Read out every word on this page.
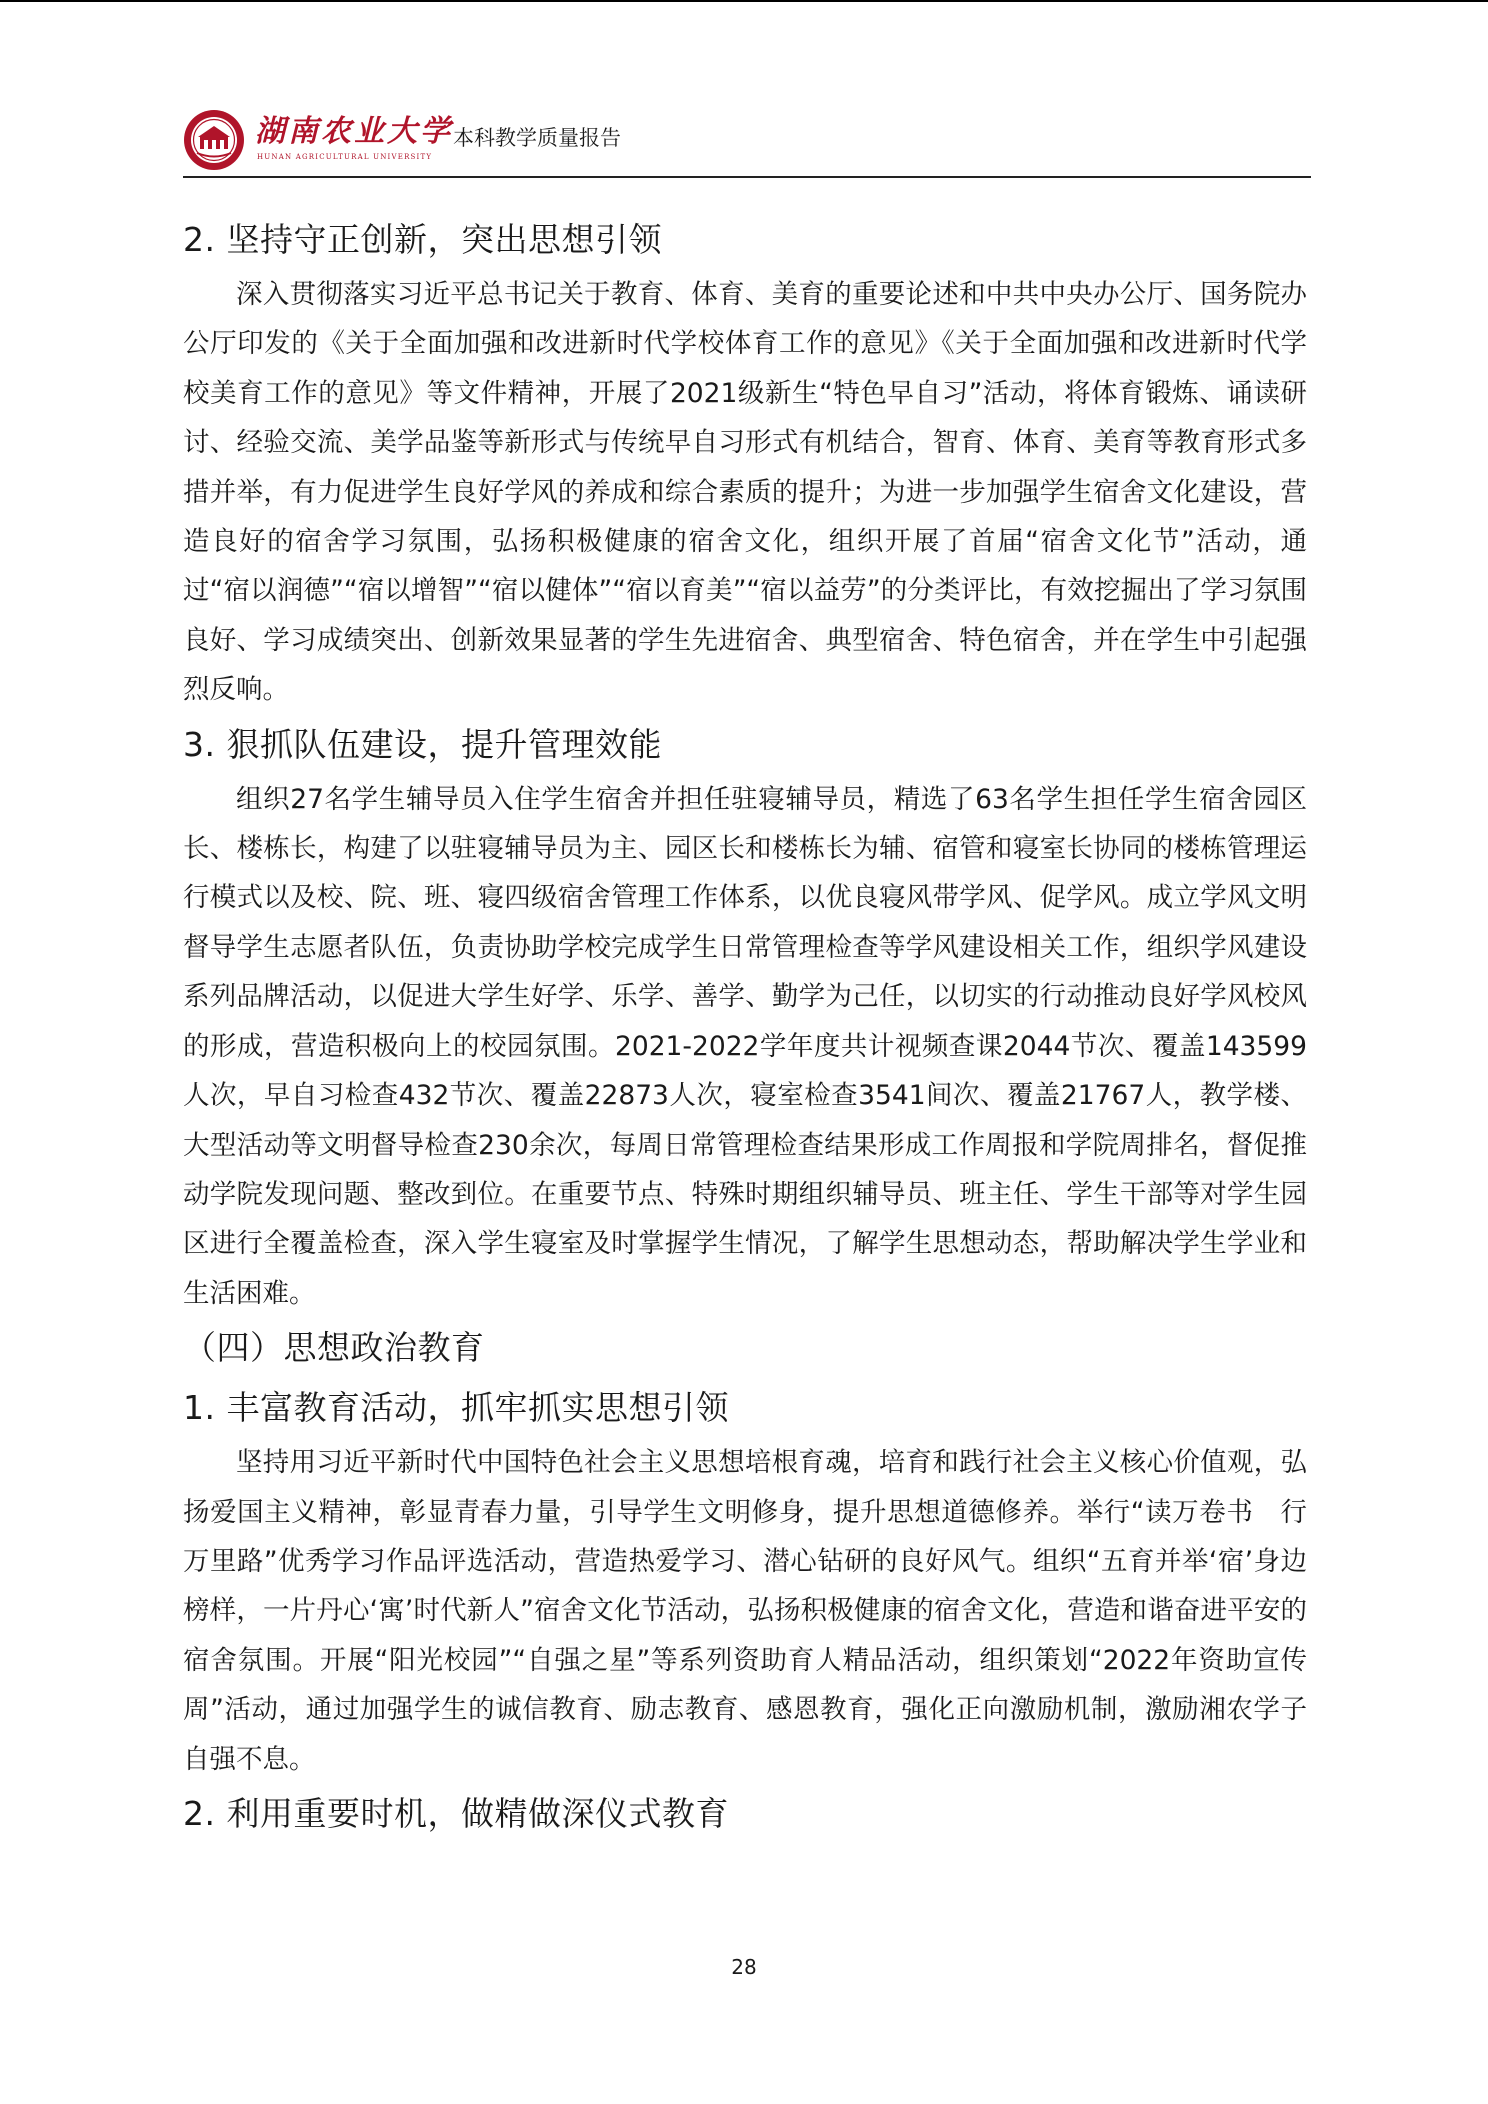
湖南农业大学
HUNAN AGRICULTURAL UNIVERSITY
本科教学质量报告
2. 坚持守正创新，突出思想引领

深入贯彻落实习近平总书记关于教育、体育、美育的重要论述和中共中央办公厅、国务院办公厅印发的《关于全面加强和改进新时代学校体育工作的意见》《关于全面加强和改进新时代学校美育工作的意见》等文件精神，开展了2021级新生“特色早自习”活动，将体育锻炼、诵读研讨、经验交流、美学品鉴等新形式与传统早自习形式有机结合，智育、体育、美育等教育形式多措并举，有力促进学生良好学风的养成和综合素质的提升；为进一步加强学生宿舍文化建设，营造良好的宿舍学习氛围，弘扬积极健康的宿舍文化，组织开展了首届“宿舍文化节”活动，通过“宿以润德”“宿以增智”“宿以健体”“宿以育美”“宿以益劳”的分类评比，有效挖掘出了学习氛围良好、学习成绩突出、创新效果显著的学生先进宿舍、典型宿舍、特色宿舍，并在学生中引起强烈反响。

3. 狠抓队伍建设，提升管理效能

组织27名学生辅导员入住学生宿舍并担任驻寝辅导员，精选了63名学生担任学生宿舍园区长、楼栋长，构建了以驻寝辅导员为主、园区长和楼栋长为辅、宿管和寝室长协同的楼栋管理运行模式以及校、院、班、寝四级宿舍管理工作体系，以优良寝风带学风、促学风。成立学风文明督导学生志愿者队伍，负责协助学校完成学生日常管理检查等学风建设相关工作，组织学风建设系列品牌活动，以促进大学生好学、乐学、善学、勤学为己任，以切实的行动推动良好学风校风的形成，营造积极向上的校园氛围。2021-2022学年度共计视频查课2044节次、覆盖143599人次，早自习检查432节次、覆盖22873人次，寝室检查3541间次、覆盖21767人，教学楼、大型活动等文明督导检查230余次，每周日常管理检查结果形成工作周报和学院周排名，督促推动学院发现问题、整改到位。在重要节点、特殊时期组织辅导员、班主任、学生干部等对学生园区进行全覆盖检查，深入学生寝室及时掌握学生情况，了解学生思想动态，帮助解决学生学业和生活困难。

（四）思想政治教育
1. 丰富教育活动，抓牢抓实思想引领

坚持用习近平新时代中国特色社会主义思想培根育魂，培育和践行社会主义核心价值观，弘扬爱国主义精神，彰显青春力量，引导学生文明修身，提升思想道德修养。举行“读万卷书　行万里路”优秀学习作品评选活动，营造热爱学习、潜心钻研的良好风气。组织“五育并举‘宿’身边榜样，一片丹心‘寓’时代新人”宿舍文化节活动，弘扬积极健康的宿舍文化，营造和谐奋进平安的宿舍氛围。开展“阳光校园”“自强之星”等系列资助育人精品活动，组织策划“2022年资助宣传周”活动，通过加强学生的诚信教育、励志教育、感恩教育，强化正向激励机制，激励湘农学子自强不息。

2. 利用重要时机，做精做深仪式教育
28
